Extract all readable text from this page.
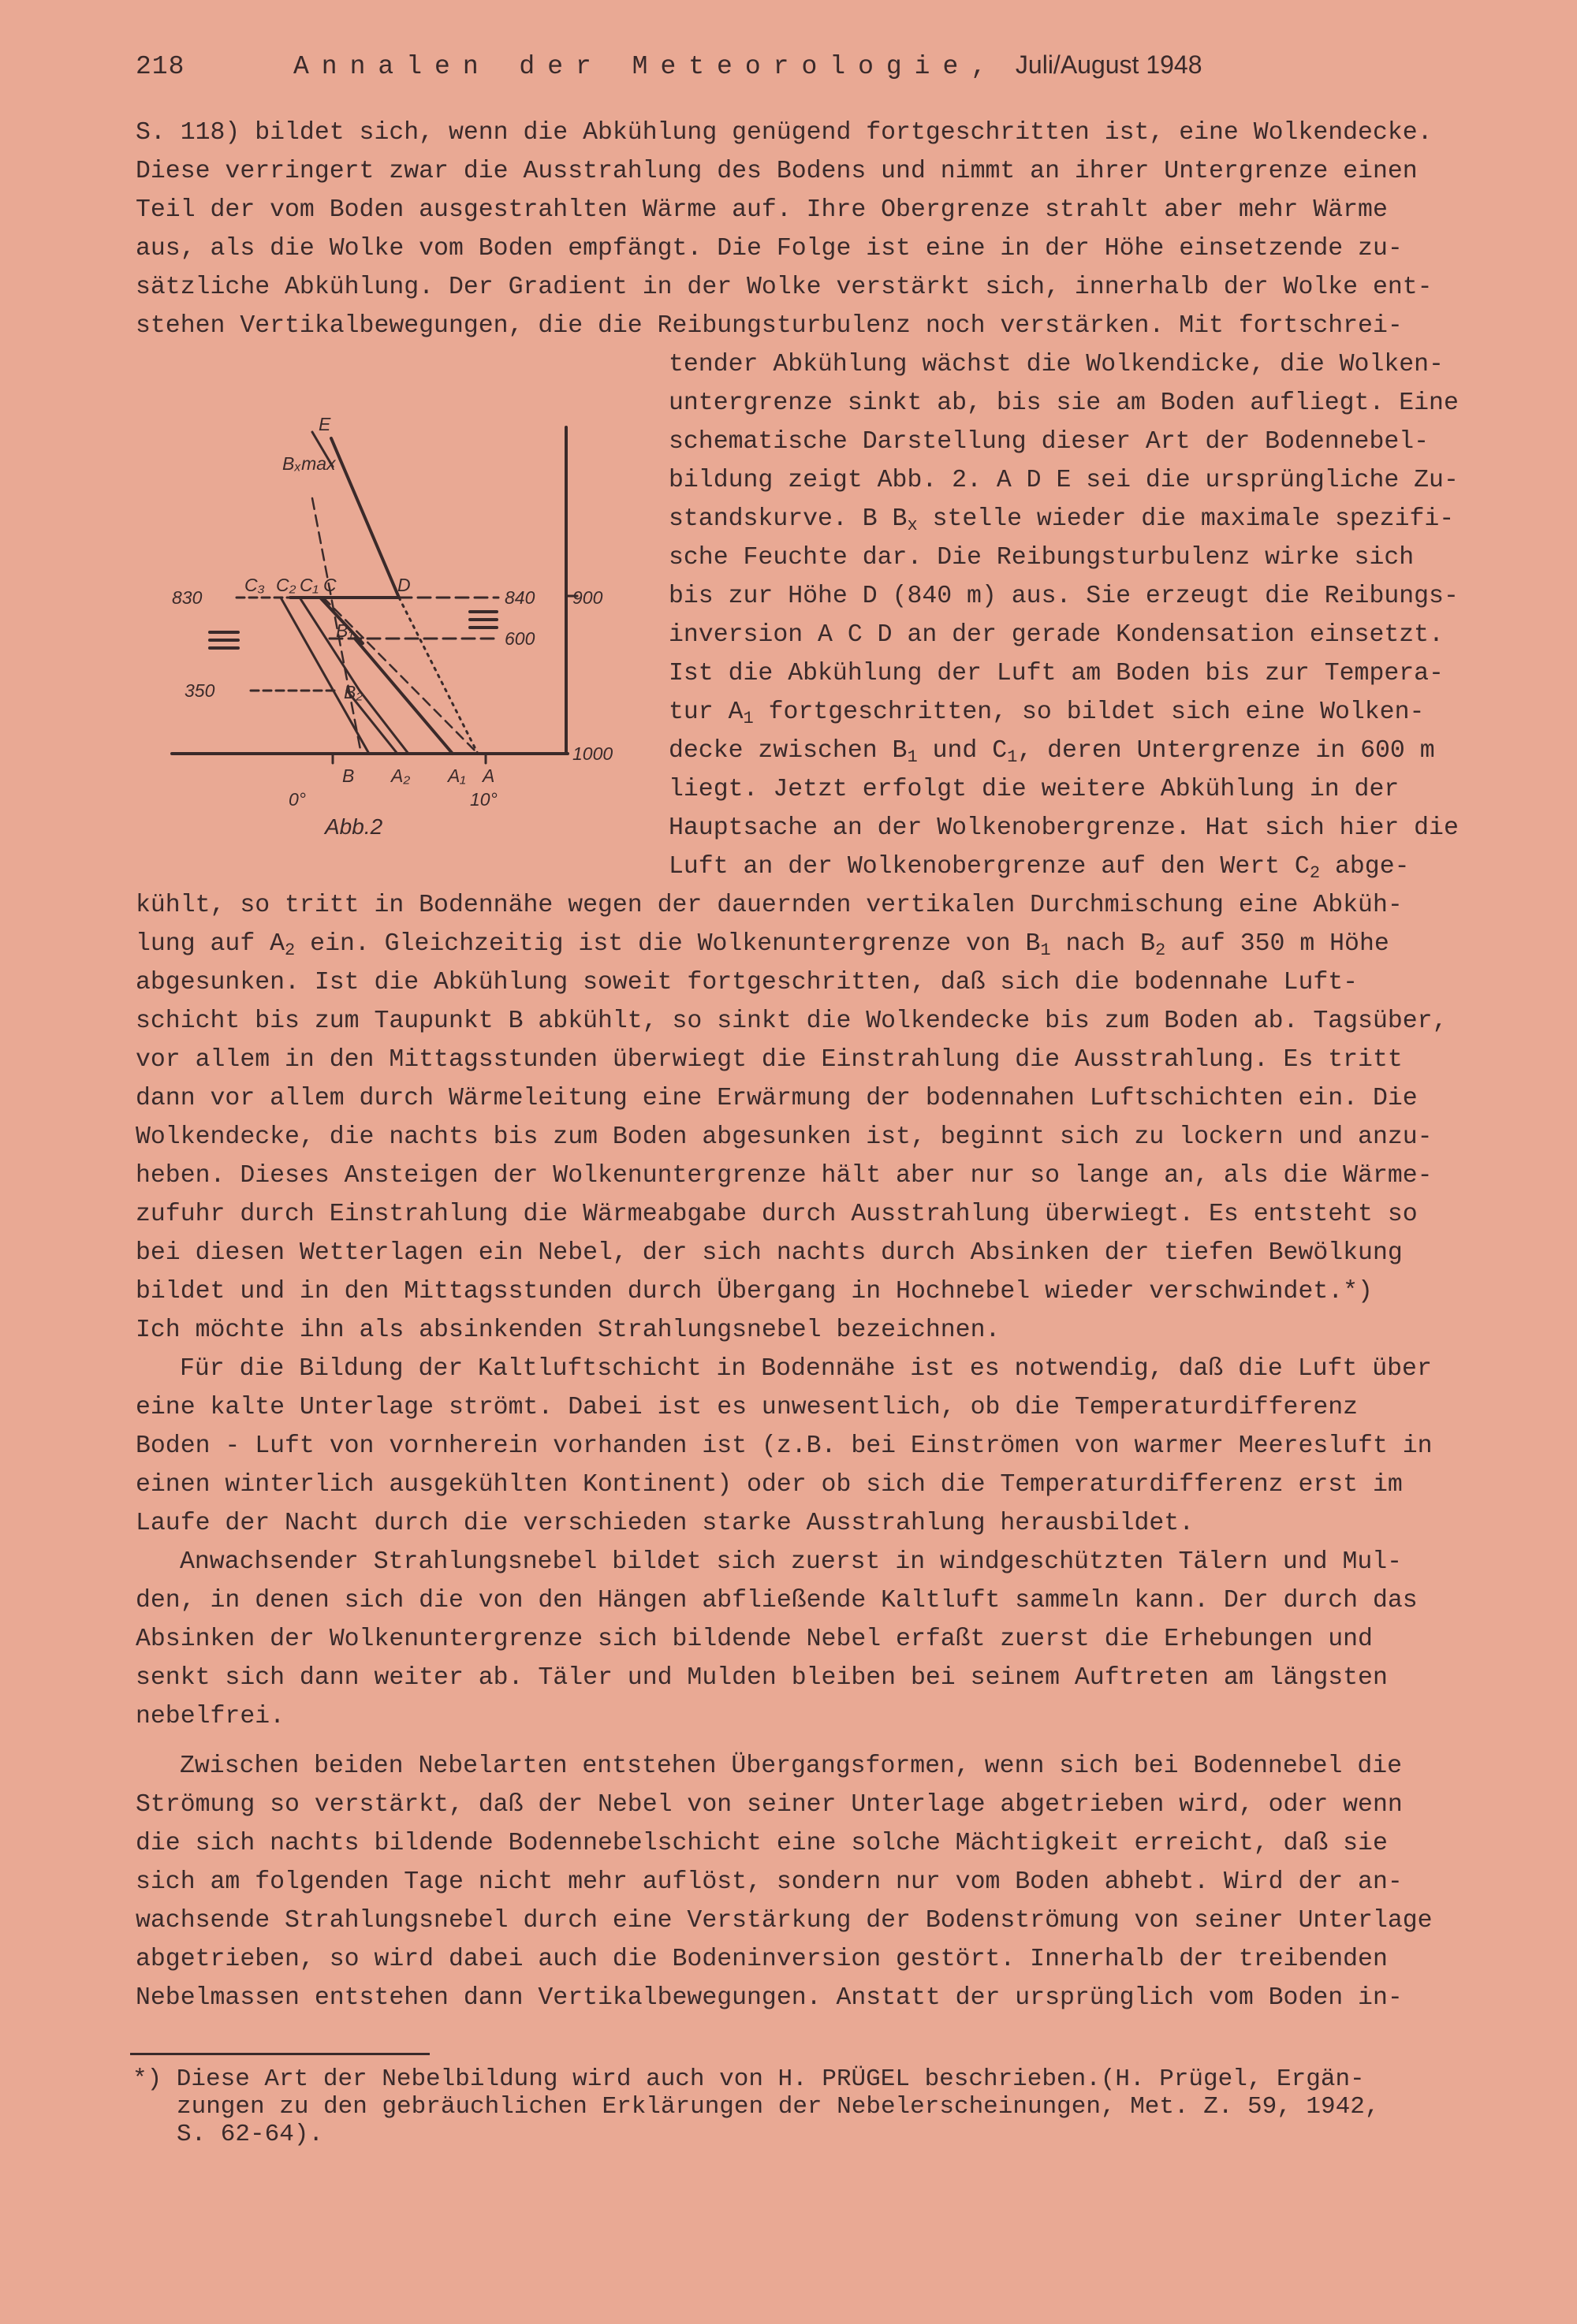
218	Annalen der Meteorologie, Juli/August 1948
S. 118) bildet sich, wenn die Abkühlung genügend fortgeschritten ist, eine Wolkendecke.
Diese verringert zwar die Ausstrahlung des Bodens und nimmt an ihrer Untergrenze einen
Teil der vom Boden ausgestrahlten Wärme auf. Ihre Obergrenze strahlt aber mehr Wärme
aus, als die Wolke vom Boden empfängt. Die Folge ist eine in der Höhe einsetzende zu-
sätzliche Abkühlung. Der Gradient in der Wolke verstärkt sich, innerhalb der Wolke ent-
stehen Vertikalbewegungen, die die Reibungsturbulenz noch verstärken. Mit fortschrei-
tender Abkühlung wächst die Wolkendicke, die Wolken-
untergrenze sinkt ab, bis sie am Boden aufliegt. Eine
schematische Darstellung dieser Art der Bodennebel-
bildung zeigt Abb. 2. A D E sei die ursprüngliche Zu-
standskurve. B $B_x$ stelle wieder die maximale spezifi-
sche Feuchte dar. Die Reibungsturbulenz wirke sich
bis zur Höhe D (840 m) aus. Sie erzeugt die Reibungs-
inversion A C D an der gerade Kondensation einsetzt.
Ist die Abkühlung der Luft am Boden bis zur Tempera-
tur $A_1$ fortgeschritten, so bildet sich eine Wolken-
decke zwischen $B_1$ und $C_1$, deren Untergrenze in 600 m
liegt. Jetzt erfolgt die weitere Abkühlung in der
Hauptsache an der Wolkenobergrenze. Hat sich hier die
Luft an der Wolkenobergrenze auf den Wert $C_2$ abge-
E
Bₓmax
D
C
C₁
C₂
C₃
B₁
B₂
B A₂ A₁ A
830
350
840
600
900
1000
0°	10°
Abb.2
kühlt, so tritt in Bodennähe wegen der dauernden vertikalen Durchmischung eine Abküh-
lung auf $A_2$ ein. Gleichzeitig ist die Wolkenuntergrenze von $B_1$ nach $B_2$ auf 350 m Höhe
abgesunken. Ist die Abkühlung soweit fortgeschritten, daß sich die bodennahe Luft-
schicht bis zum Taupunkt B abkühlt, so sinkt die Wolkendecke bis zum Boden ab. Tagsüber,
vor allem in den Mittagsstunden überwiegt die Einstrahlung die Ausstrahlung. Es tritt
dann vor allem durch Wärmeleitung eine Erwärmung der bodennahen Luftschichten ein. Die
Wolkendecke, die nachts bis zum Boden abgesunken ist, beginnt sich zu lockern und anzu-
heben. Dieses Ansteigen der Wolkenuntergrenze hält aber nur so lange an, als die Wärme-
zufuhr durch Einstrahlung die Wärmeabgabe durch Ausstrahlung überwiegt. Es entsteht so
bei diesen Wetterlagen ein Nebel, der sich nachts durch Absinken der tiefen Bewölkung
bildet und in den Mittagsstunden durch Übergang in Hochnebel wieder verschwindet.*)
Ich möchte ihn als absinkenden Strahlungsnebel bezeichnen.
Für die Bildung der Kaltluftschicht in Bodennähe ist es notwendig, daß die Luft über
eine kalte Unterlage strömt. Dabei ist es unwesentlich, ob die Temperaturdifferenz
Boden - Luft von vornherein vorhanden ist (z.B. bei Einströmen von warmer Meeresluft in
einen winterlich ausgekühlten Kontinent) oder ob sich die Temperaturdifferenz erst im
Laufe der Nacht durch die verschieden starke Ausstrahlung herausbildet.
Anwachsender Strahlungsnebel bildet sich zuerst in windgeschützten Tälern und Mul-
den, in denen sich die von den Hängen abfließende Kaltluft sammeln kann. Der durch das
Absinken der Wolkenuntergrenze sich bildende Nebel erfaßt zuerst die Erhebungen und
senkt sich dann weiter ab. Täler und Mulden bleiben bei seinem Auftreten am längsten
nebelfrei.
Zwischen beiden Nebelarten entstehen Übergangsformen, wenn sich bei Bodennebel die
Strömung so verstärkt, daß der Nebel von seiner Unterlage abgetrieben wird, oder wenn
die sich nachts bildende Bodennebelschicht eine solche Mächtigkeit erreicht, daß sie
sich am folgenden Tage nicht mehr auflöst, sondern nur vom Boden abhebt. Wird der an-
wachsende Strahlungsnebel durch eine Verstärkung der Bodenströmung von seiner Unterlage
abgetrieben, so wird dabei auch die Bodeninversion gestört. Innerhalb der treibenden
Nebelmassen entstehen dann Vertikalbewegungen. Anstatt der ursprünglich vom Boden in-
*) Diese Art der Nebelbildung wird auch von H. PRÜGEL beschrieben.(H. Prügel, Ergän-
zungen zu den gebräuchlichen Erklärungen der Nebelerscheinungen, Met. Z. 59, 1942,
S. 62-64).
